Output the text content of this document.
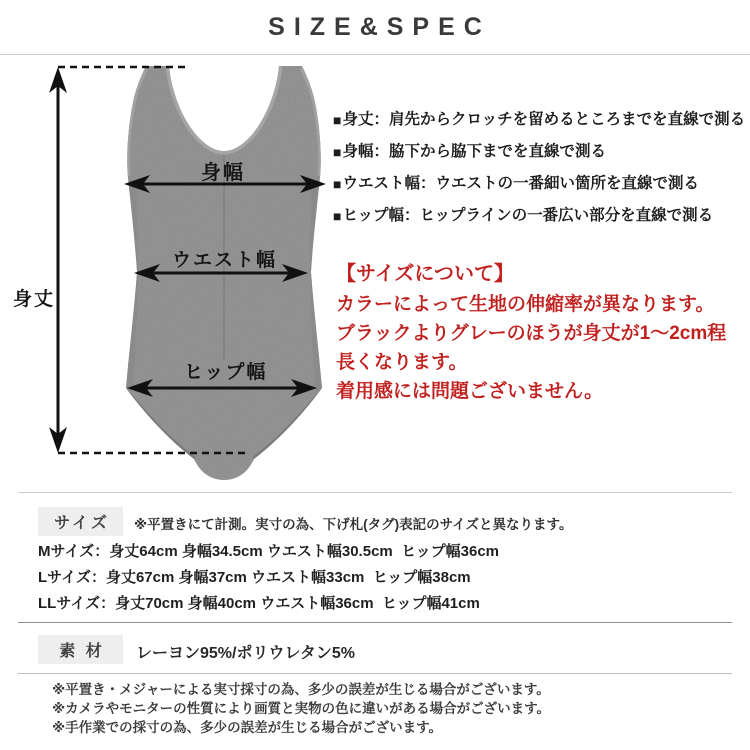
SIZE&SPEC
身丈
身幅
ウエスト幅
ヒップ幅
■ 身丈：肩先からクロッチを留めるところまでを直線で測る
■ 身幅：脇下から脇下までを直線で測る
■ ウエスト幅：ウエストの一番細い箇所を直線で測る
■ ヒップ幅：ヒップラインの一番広い部分を直線で測る
【サイズについて】
カラーによって生地の伸縮率が異なります。
ブラックよりグレーのほうが身丈が1〜2cm程
長くなります。
着用感には問題ございません。
サイズ	※平置きにて計測。実寸の為、下げ札(タグ)表記のサイズと異なります。
Mサイズ：身丈64cm 身幅34.5cm ウエスト幅30.5cm  ヒップ幅36cm
Lサイズ：身丈67cm 身幅37cm ウエスト幅33cm  ヒップ幅38cm
LLサイズ：身丈70cm 身幅40cm ウエスト幅36cm  ヒップ幅41cm
素 材	レーヨン95%/ポリウレタン5%
※平置き・メジャーによる実寸採寸の為、多少の誤差が生じる場合がございます。
※カメラやモニターの性質により画質と実物の色に違いがある場合がございます。
※手作業での採寸の為、多少の誤差が生じる場合がございます。
